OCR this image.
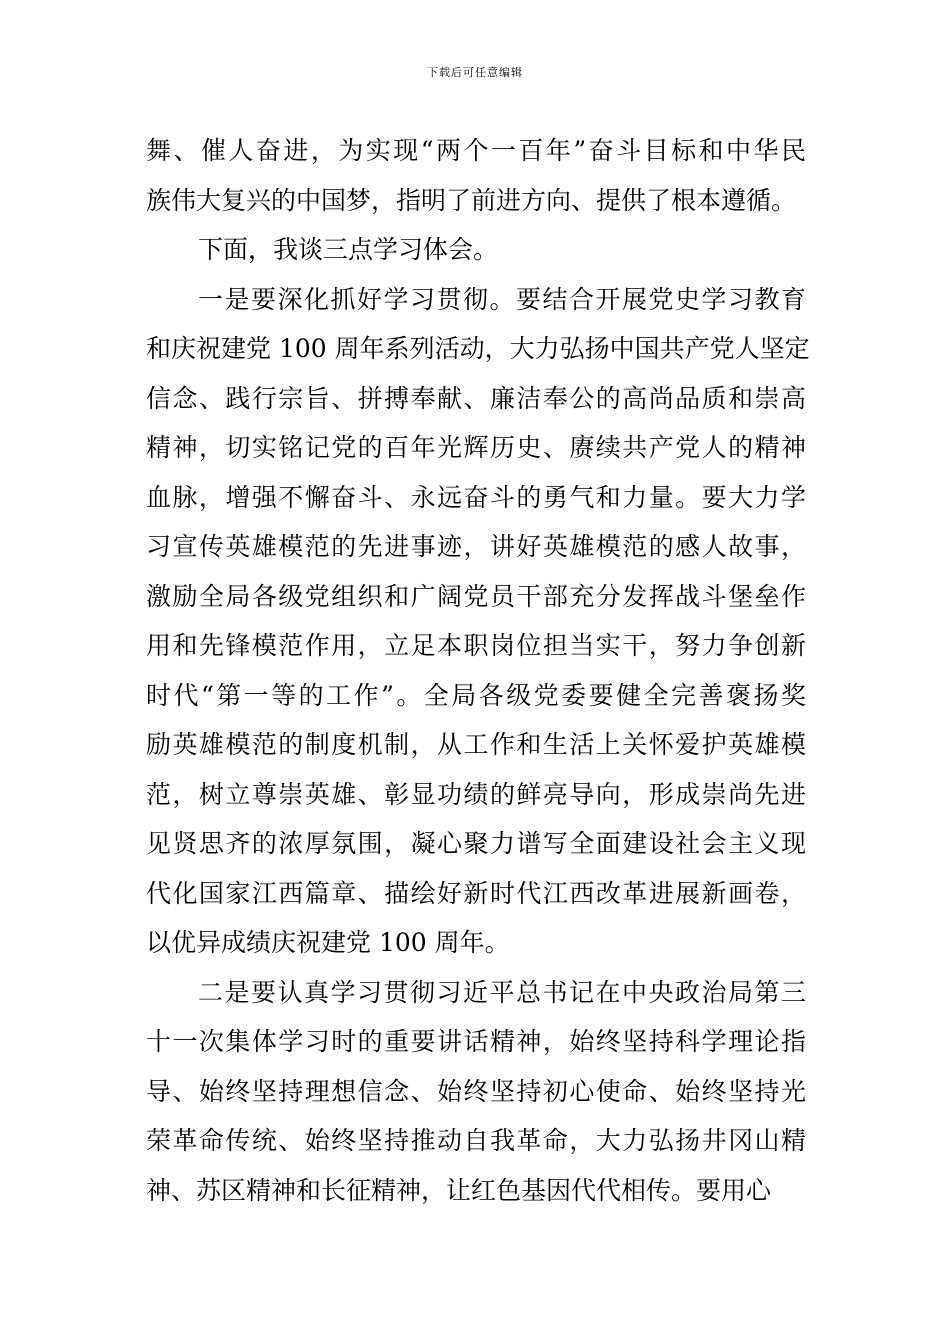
下载后可任意编辑
舞、催人奋进，为实现“两个一百年”奋斗目标和中华民
族伟大复兴的中国梦，指明了前进方向、提供了根本遵循。
下面，我谈三点学习体会。
一是要深化抓好学习贯彻。要结合开展党史学习教育
和庆祝建党 100 周年系列活动，大力弘扬中国共产党人坚定
信念、践行宗旨、拼搏奉献、廉洁奉公的高尚品质和崇高
精神，切实铭记党的百年光辉历史、赓续共产党人的精神
血脉，增强不懈奋斗、永远奋斗的勇气和力量。要大力学
习宣传英雄模范的先进事迹，讲好英雄模范的感人故事，
激励全局各级党组织和广阔党员干部充分发挥战斗堡垒作
用和先锋模范作用，立足本职岗位担当实干，努力争创新
时代“第一等的工作”。全局各级党委要健全完善褒扬奖
励英雄模范的制度机制，从工作和生活上关怀爱护英雄模
范，树立尊崇英雄、彰显功绩的鲜亮导向，形成崇尚先进
见贤思齐的浓厚氛围，凝心聚力谱写全面建设社会主义现
代化国家江西篇章、描绘好新时代江西改革进展新画卷，
以优异成绩庆祝建党 100 周年。
二是要认真学习贯彻习近平总书记在中央政治局第三
十一次集体学习时的重要讲话精神，始终坚持科学理论指
导、始终坚持理想信念、始终坚持初心使命、始终坚持光
荣革命传统、始终坚持推动自我革命，大力弘扬井冈山精
神、苏区精神和长征精神，让红色基因代代相传。要用心
